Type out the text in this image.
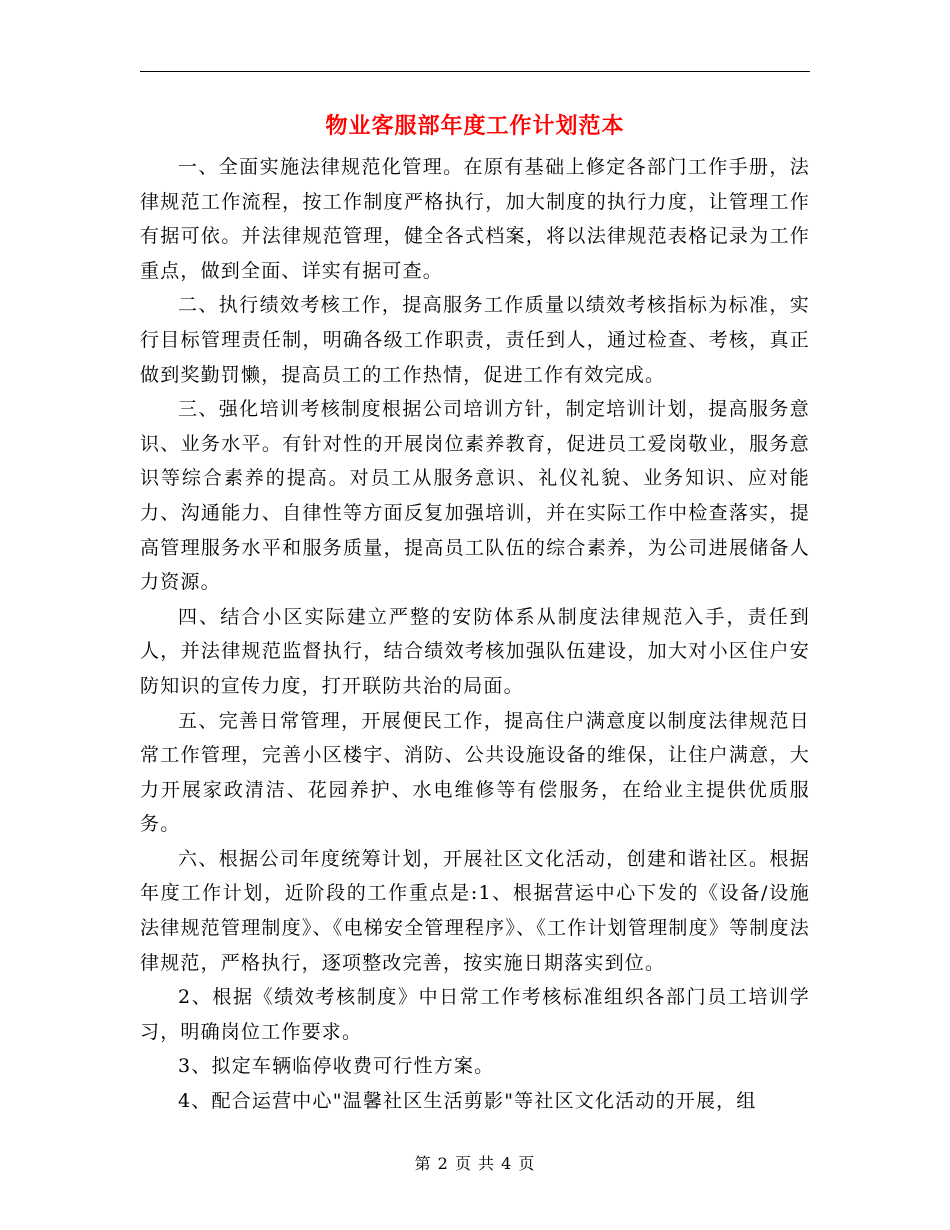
物业客服部年度工作计划范本

一、全面实施法律规范化管理。在原有基础上修定各部门工作手册，法律规范工作流程，按工作制度严格执行，加大制度的执行力度，让管理工作有据可依。并法律规范管理，健全各式档案，将以法律规范表格记录为工作重点，做到全面、详实有据可查。

二、执行绩效考核工作，提高服务工作质量以绩效考核指标为标准，实行目标管理责任制，明确各级工作职责，责任到人，通过检查、考核，真正做到奖勤罚懒，提高员工的工作热情，促进工作有效完成。

三、强化培训考核制度根据公司培训方针，制定培训计划，提高服务意识、业务水平。有针对性的开展岗位素养教育，促进员工爱岗敬业，服务意识等综合素养的提高。对员工从服务意识、礼仪礼貌、业务知识、应对能力、沟通能力、自律性等方面反复加强培训，并在实际工作中检查落实，提高管理服务水平和服务质量，提高员工队伍的综合素养，为公司进展储备人力资源。

四、结合小区实际建立严整的安防体系从制度法律规范入手，责任到人，并法律规范监督执行，结合绩效考核加强队伍建设，加大对小区住户安防知识的宣传力度，打开联防共治的局面。

五、完善日常管理，开展便民工作，提高住户满意度以制度法律规范日常工作管理，完善小区楼宇、消防、公共设施设备的维保，让住户满意，大力开展家政清洁、花园养护、水电维修等有偿服务，在给业主提供优质服务。

六、根据公司年度统筹计划，开展社区文化活动，创建和谐社区。根据年度工作计划，近阶段的工作重点是:1、根据营运中心下发的《设备/设施法律规范管理制度》、《电梯安全管理程序》、《工作计划管理制度》等制度法律规范，严格执行，逐项整改完善，按实施日期落实到位。

2、根据《绩效考核制度》中日常工作考核标准组织各部门员工培训学习，明确岗位工作要求。

3、拟定车辆临停收费可行性方案。

4、配合运营中心"温馨社区生活剪影"等社区文化活动的开展，组

第 2 页 共 4 页
